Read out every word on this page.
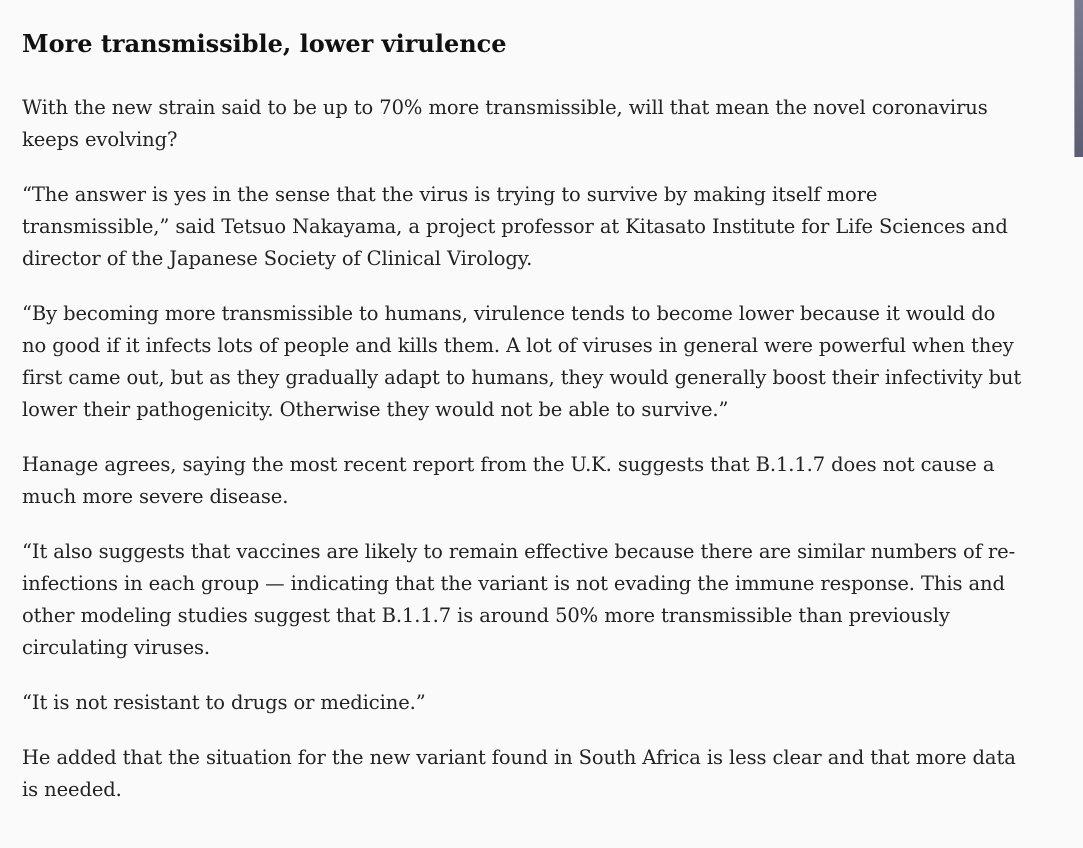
More transmissible, lower virulence

With the new strain said to be up to 70% more transmissible, will that mean the novel coronavirus keeps evolving?

“The answer is yes in the sense that the virus is trying to survive by making itself more transmissible,” said Tetsuo Nakayama, a project professor at Kitasato Institute for Life Sciences and director of the Japanese Society of Clinical Virology.

“By becoming more transmissible to humans, virulence tends to become lower because it would do no good if it infects lots of people and kills them. A lot of viruses in general were powerful when they first came out, but as they gradually adapt to humans, they would generally boost their infectivity but lower their pathogenicity. Otherwise they would not be able to survive.”

Hanage agrees, saying the most recent report from the U.K. suggests that B.1.1.7 does not cause a much more severe disease.

“It also suggests that vaccines are likely to remain effective because there are similar numbers of re-infections in each group — indicating that the variant is not evading the immune response. This and other modeling studies suggest that B.1.1.7 is around 50% more transmissible than previously circulating viruses.

“It is not resistant to drugs or medicine.”

He added that the situation for the new variant found in South Africa is less clear and that more data is needed.
